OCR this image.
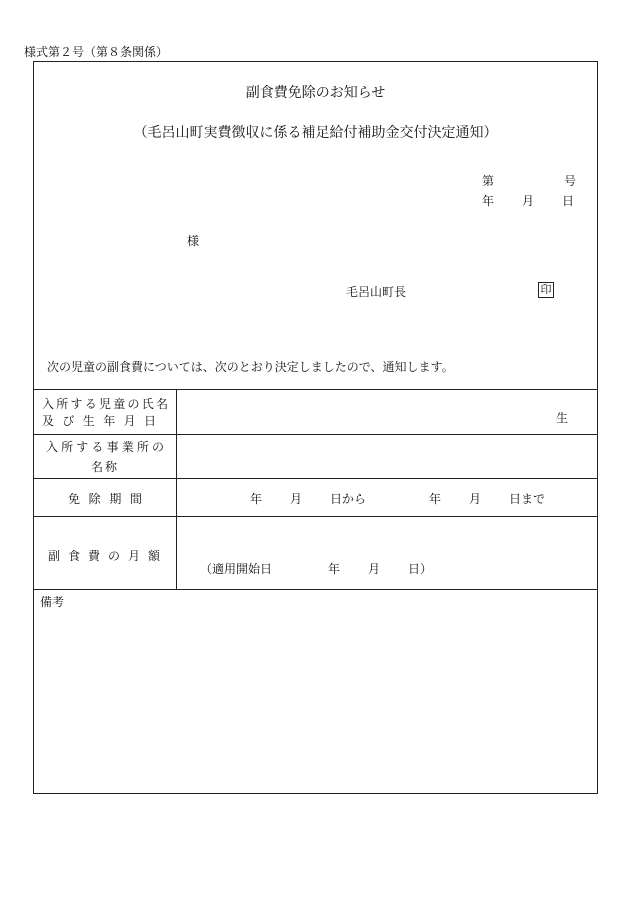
様式第２号（第８条関係）
副食費免除のお知らせ
（毛呂山町実費徴収に係る補足給付補助金交付決定通知）
第	号
年 月 日
様
毛呂山町長	印
次の児童の副食費については、次のとおり決定しましたので、通知します。
入所する児童の氏名
及び生年月日	生
入所する事業所の
名称
免除期間	年 月 日から	年 月 日まで
副食費の月額
（適用開始日	年 月 日）
備考
